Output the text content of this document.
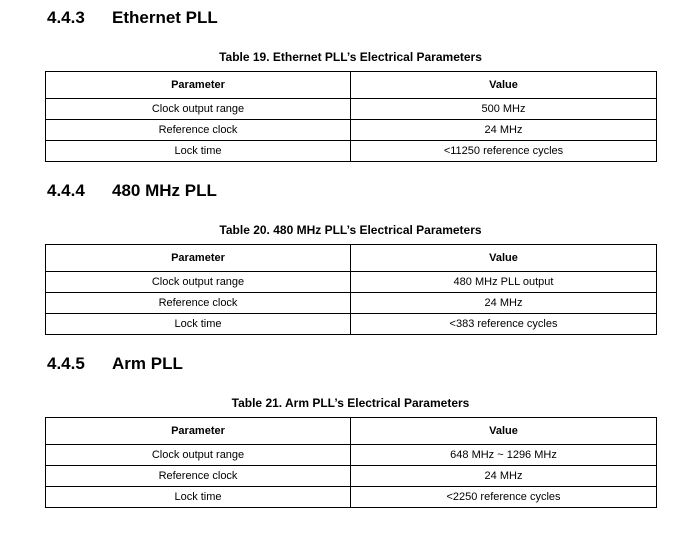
4.4.3 Ethernet PLL
Table 19. Ethernet PLL’s Electrical Parameters
Parameter	Value
Clock output range	500 MHz
Reference clock	24 MHz
Lock time	<11250 reference cycles
4.4.4 480 MHz PLL
Table 20. 480 MHz PLL’s Electrical Parameters
Parameter	Value
Clock output range	480 MHz PLL output
Reference clock	24 MHz
Lock time	<383 reference cycles
4.4.5 Arm PLL
Table 21. Arm PLL’s Electrical Parameters
Parameter	Value
Clock output range	648 MHz ~ 1296 MHz
Reference clock	24 MHz
Lock time	<2250 reference cycles
